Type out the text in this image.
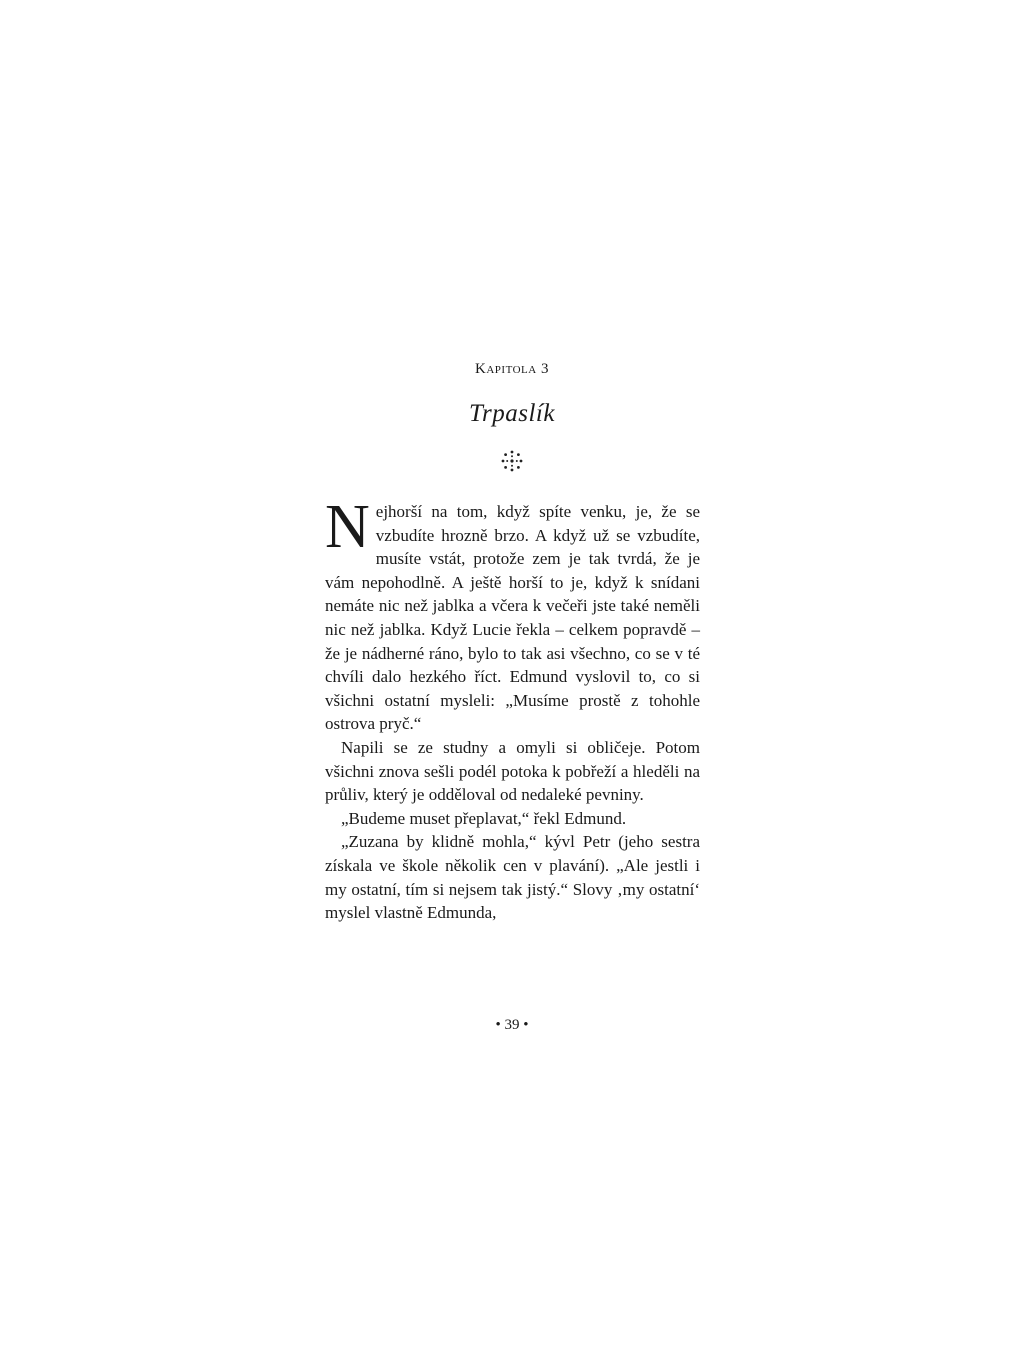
Kapitola 3
Trpaslík

Nejhorší na tom, když spíte venku, je, že se vzbudíte hrozně brzo. A když už se vzbudíte, musíte vstát, protože zem je tak tvrdá, že je vám nepohodlně. A ještě horší to je, když k snídani nemáte nic než jablka a včera k večeři jste také neměli nic než jablka. Když Lucie řekla – celkem popravdě – že je nádherné ráno, bylo to tak asi všechno, co se v té chvíli dalo hezkého říct. Edmund vyslovil to, co si všichni ostatní mysleli: „Musíme prostě z tohohle ostrova pryč.“

Napili se ze studny a omyli si obličeje. Potom všichni znova sešli podél potoka k pobřeží a hleděli na průliv, který je odděloval od nedaleké pevniny.

„Budeme muset přeplavat,“ řekl Edmund.

„Zuzana by klidně mohla,“ kývl Petr (jeho sestra získala ve škole několik cen v plavání). „Ale jestli i my ostatní, tím si nejsem tak jistý.“ Slovy ‚my ostatní‘ myslel vlastně Edmunda,

• 39 •
